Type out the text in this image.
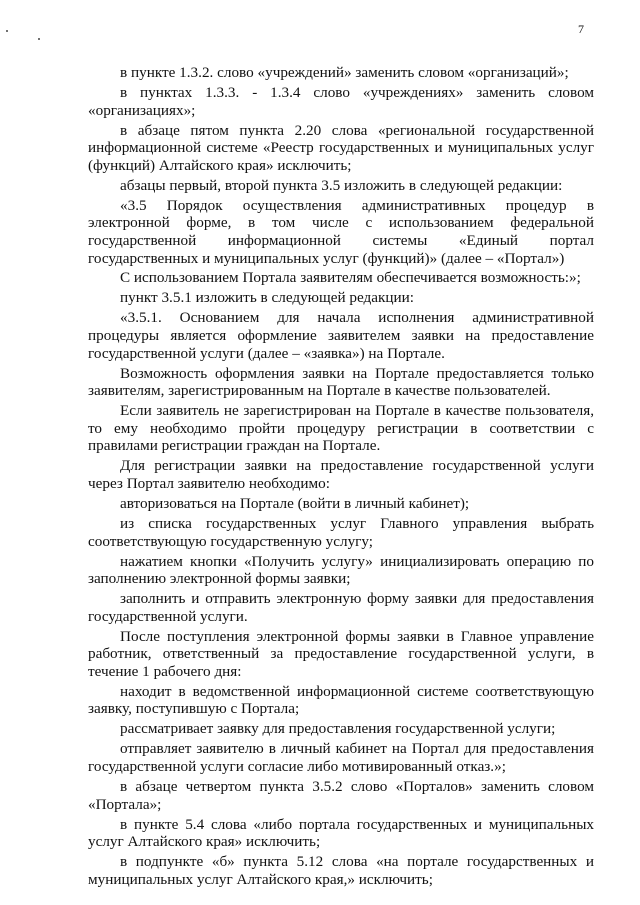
7

в пункте 1.3.2. слово «учреждений» заменить словом «организаций»;

в пунктах 1.3.3. - 1.3.4 слово «учреждениях» заменить словом «организациях»;

в абзаце пятом пункта 2.20 слова «региональной государственной информационной системе «Реестр государственных и муниципальных услуг (функций) Алтайского края» исключить;

абзацы первый, второй пункта 3.5 изложить в следующей редакции:

«3.5 Порядок осуществления административных процедур в электронной форме, в том числе с использованием федеральной государственной информационной системы «Единый портал государственных и муниципальных услуг (функций)» (далее – «Портал»)

С использованием Портала заявителям обеспечивается возможность:»;

пункт 3.5.1 изложить в следующей редакции:

«3.5.1. Основанием для начала исполнения административной процедуры является оформление заявителем заявки на предоставление государственной услуги (далее – «заявка») на Портале.

Возможность оформления заявки на Портале предоставляется только заявителям, зарегистрированным на Портале в качестве пользователей.

Если заявитель не зарегистрирован на Портале в качестве пользователя, то ему необходимо пройти процедуру регистрации в соответствии с правилами регистрации граждан на Портале.

Для регистрации заявки на предоставление государственной услуги через Портал заявителю необходимо:

авторизоваться на Портале (войти в личный кабинет);

из списка государственных услуг Главного управления выбрать соответствующую государственную услугу;

нажатием кнопки «Получить услугу» инициализировать операцию по заполнению электронной формы заявки;

заполнить и отправить электронную форму заявки для предоставления государственной услуги.

После поступления электронной формы заявки в Главное управление работник, ответственный за предоставление государственной услуги, в течение 1 рабочего дня:

находит в ведомственной информационной системе соответствующую заявку, поступившую с Портала;

рассматривает заявку для предоставления государственной услуги;

отправляет заявителю в личный кабинет на Портал для предоставления государственной услуги согласие либо мотивированный отказ.»;

в абзаце четвертом пункта 3.5.2 слово «Порталов» заменить словом «Портала»;

в пункте 5.4 слова «либо портала государственных и муниципальных услуг Алтайского края» исключить;

в подпункте «б» пункта 5.12 слова «на портале государственных и муниципальных услуг Алтайского края,» исключить;
